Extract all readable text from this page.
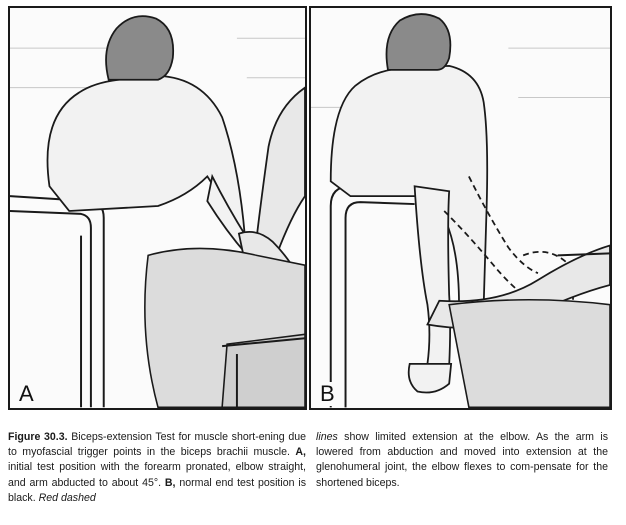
A	B
Figure 30.3. Biceps-extension Test for muscle short-ening due to myofascial trigger points in the biceps brachii muscle. A, initial test position with the forearm pronated, elbow straight, and arm abducted to about 45°. B, normal end test position is black. Red dashed
lines show limited extension at the elbow. As the arm is lowered from abduction and moved into extension at the glenohumeral joint, the elbow flexes to com-pensate for the shortened biceps.
